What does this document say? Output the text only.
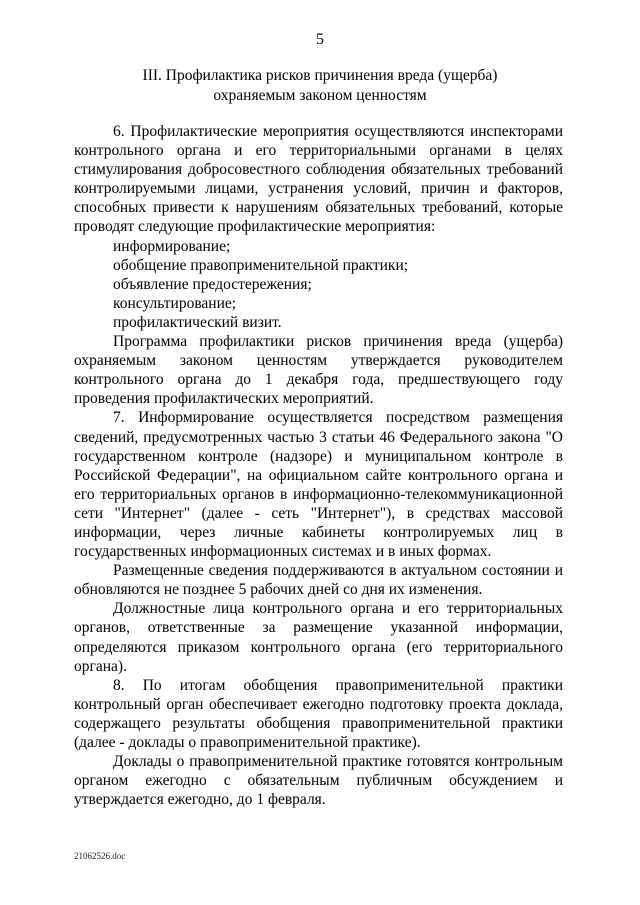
5
III. Профилактика рисков причинения вреда (ущерба)
охраняемым законом ценностям

6. Профилактические мероприятия осуществляются инспекторами контрольного органа и его территориальными органами в целях стимулирования добросовестного соблюдения обязательных требований контролируемыми лицами, устранения условий, причин и факторов, способных привести к нарушениям обязательных требований, которые проводят следующие профилактические мероприятия:

информирование;

обобщение правоприменительной практики;

объявление предостережения;

консультирование;

профилактический визит.

Программа профилактики рисков причинения вреда (ущерба) охраняемым законом ценностям утверждается руководителем контрольного органа до 1 декабря года, предшествующего году проведения профилактических мероприятий.

7. Информирование осуществляется посредством размещения сведений, предусмотренных частью 3 статьи 46 Федерального закона "О государственном контроле (надзоре) и муниципальном контроле в Российской Федерации", на официальном сайте контрольного органа и его территориальных органов в информационно-телекоммуникационной сети "Интернет" (далее - сеть "Интернет"), в средствах массовой информации, через личные кабинеты контролируемых лиц в государственных информационных системах и в иных формах.

Размещенные сведения поддерживаются в актуальном состоянии и обновляются не позднее 5 рабочих дней со дня их изменения.

Должностные лица контрольного органа и его территориальных органов, ответственные за размещение указанной информации, определяются приказом контрольного органа (его территориального органа).

8. По итогам обобщения правоприменительной практики контрольный орган обеспечивает ежегодно подготовку проекта доклада, содержащего результаты обобщения правоприменительной практики (далее - доклады о правоприменительной практике).

Доклады о правоприменительной практике готовятся контрольным органом ежегодно с обязательным публичным обсуждением и утверждается ежегодно, до 1 февраля.

21062526.doc
